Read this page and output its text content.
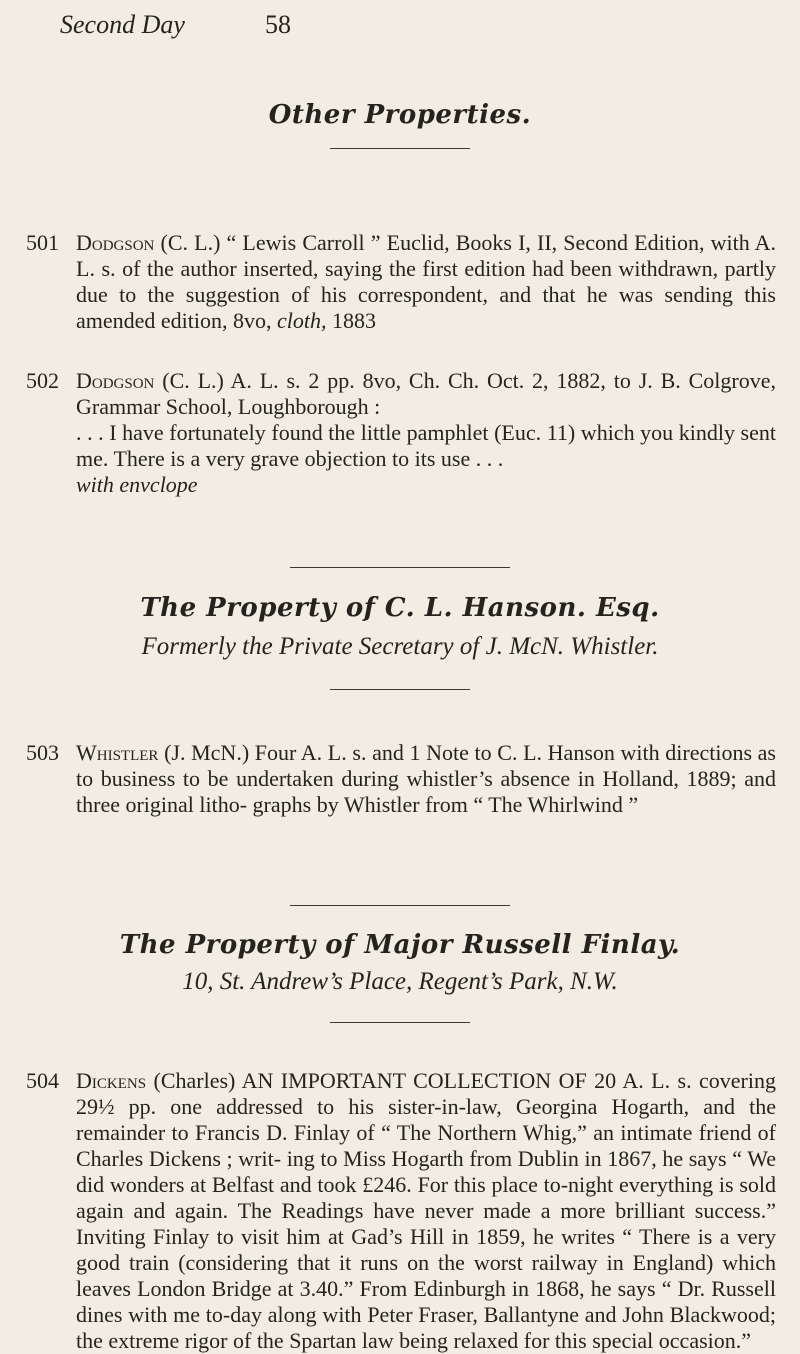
Second Day	58
Other Properties.
501 Dodgson (C. L.) “ Lewis Carroll ” Euclid, Books I, II, Second Edition, with A. L. s. of the author inserted, saying the first edition had been withdrawn, partly due to the suggestion of his correspondent, and that he was sending this amended edition, 8vo, cloth, 1883
502 Dodgson (C. L.) A. L. s. 2 pp. 8vo, Ch. Ch. Oct. 2, 1882, to J. B. Colgrove, Grammar School, Loughborough :
. . . I have fortunately found the little pamphlet (Euc. 11) which you kindly sent me. There is a very grave objection to its use . . .
with envclope
The Property of C. L. Hanson. Esq.
Formerly the Private Secretary of J. McN. Whistler.
503 Whistler (J. McN.) Four A. L. s. and 1 Note to C. L. Hanson with directions as to business to be undertaken during whistler’s absence in Holland, 1889; and three original litho- graphs by Whistler from “ The Whirlwind ”
The Property of Major Russell Finlay.
10, St. Andrew’s Place, Regent’s Park, N.W.
504 Dickens (Charles) AN IMPORTANT COLLECTION OF 20 A. L. s. covering 29½ pp. one addressed to his sister-in-law, Georgina Hogarth, and the remainder to Francis D. Finlay of “ The Northern Whig,” an intimate friend of Charles Dickens ; writ- ing to Miss Hogarth from Dublin in 1867, he says “ We did wonders at Belfast and took £246. For this place to-night everything is sold again and again. The Readings have never made a more brilliant success.” Inviting Finlay to visit him at Gad’s Hill in 1859, he writes “ There is a very good train (considering that it runs on the worst railway in England) which leaves London Bridge at 3.40.” From Edinburgh in 1868, he says “ Dr. Russell dines with me to-day along with Peter Fraser, Ballantyne and John Blackwood; the extreme rigor of the Spartan law being relaxed for this special occasion.”
